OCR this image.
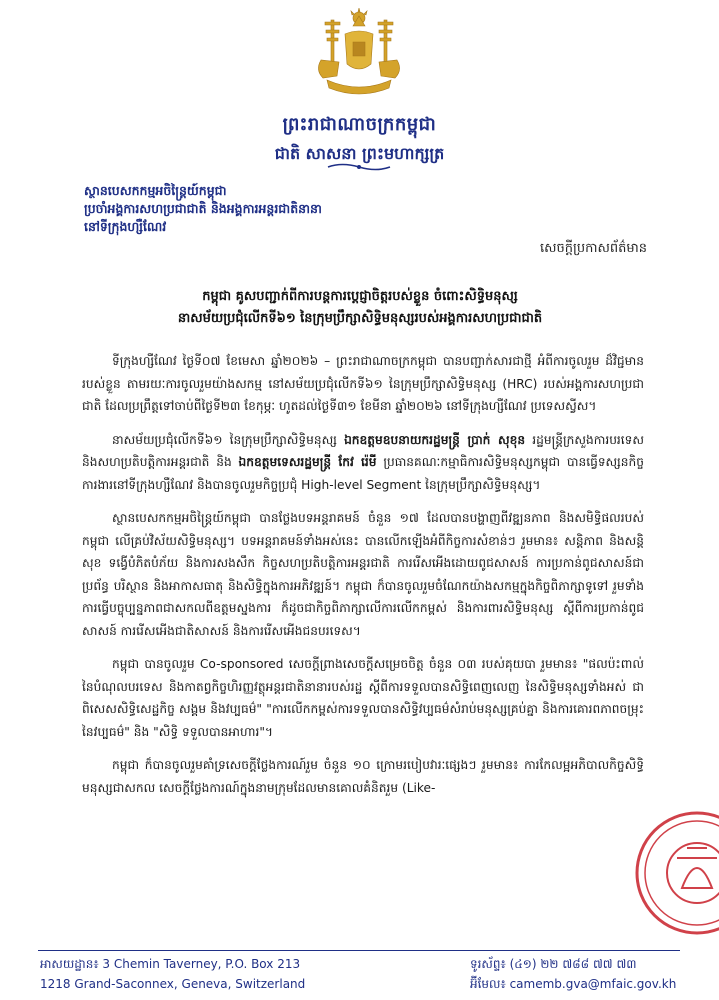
ព្រះរាជាណាចក្រកម្ពុជា
ជាតិ សាសនា ព្រះមហាក្សត្រ
ស្ថានបេសកកម្មអចិន្ត្រៃយ៍កម្ពុជា
ប្រចាំអង្គការសហប្រជាជាតិ និងអង្គការអន្តរជាតិនានា
នៅទីក្រុងហ្សឺណែវ
សេចក្ដីប្រកាសព័ត៌មាន
កម្ពុជា គូសបញ្ជាក់ពីការបន្តការប្ដេជ្ញាចិត្តរបស់ខ្លួន ចំពោះសិទ្ធិមនុស្ស
នាសម័យប្រជុំលើកទី៦១ នៃក្រុមប្រឹក្សាសិទ្ធិមនុស្សរបស់អង្គការសហប្រជាជាតិ

ទីក្រុងហ្សឺណែវ ថ្ងៃទី០៧ ខែមេសា ឆ្នាំ២០២៦ – ព្រះរាជាណាចក្រកម្ពុជា បានបញ្ជាក់សារជាថ្មី អំពីការចូលរួម ដ៏វិជ្ជមានរបស់ខ្លួន តាមរយៈការចូលរួមយ៉ាងសកម្ម នៅសម័យប្រជុំលើកទី៦១ នៃក្រុមប្រឹក្សាសិទ្ធិមនុស្ស (HRC) របស់អង្គការសហប្រជាជាតិ ដែលប្រព្រឹត្តទៅចាប់ពីថ្ងៃទី២៣ ខែកុម្ភៈ ហូតដល់ថ្ងៃទី៣១ ខែមីនា ឆ្នាំ២០២៦ នៅទីក្រុងហ្សឺណែវ ប្រទេសស្វីស។

នាសម័យប្រជុំលើកទី៦១ នៃក្រុមប្រឹក្សាសិទ្ធិមនុស្ស ឯកឧត្តមឧបនាយករដ្ឋមន្ត្រី ប្រាក់ សុខុន រដ្ឋមន្ត្រីក្រសួងការបរទេស និងសហប្រតិបត្តិការអន្តរជាតិ និង ឯកឧត្តមទេសរដ្ឋមន្ត្រី កែវ រ៉េមី ប្រធានគណៈកម្មាធិការសិទ្ធិមនុស្សកម្ពុជា បានធ្វើទស្សនកិច្ចការងារនៅទីក្រុងហ្សឺណែវ និងបានចូលរួមកិច្ចប្រជុំ High-level Segment នៃក្រុមប្រឹក្សាសិទ្ធិមនុស្ស។

ស្ថានបេសកកម្មអចិន្ត្រៃយ៍កម្ពុជា បានថ្លែងបទអន្តរាគមន៍ ចំនួន ១៧ ដែលបានបង្ហាញពីវឌ្ឍនភាព និងសមិទ្ធិផលរបស់កម្ពុជា លើគ្រប់វិស័យសិទ្ធិមនុស្ស។ បទអន្តរាគមន៍ទាំងអស់នេះ បានលើកឡើងអំពីកិច្ចការសំខាន់ៗ រួមមាន៖ សន្តិភាព និងសន្តិសុខ ទង្វើបំភិតបំភ័យ និងការសងសឹក កិច្ចសហប្រតិបត្តិការអន្តរជាតិ ការរើសអើងដោយពូជសាសន៍ ការប្រកាន់ពូជសាសន៍ជាប្រព័ន្ធ បរិស្ថាន និងអាកាសធាតុ និងសិទ្ធិក្នុងការអភិវឌ្ឍន៍។ កម្ពុជា ក៏បានចូលរួមចំណែកយ៉ាងសកម្មក្នុងកិច្ចពិភាក្សាទូទៅ រួមទាំងការធ្វើបច្ចុប្បន្នភាពជាសកលពីឧត្តមស្នងការ ក៏ដូចជាកិច្ចពិភាក្សាលើការលើកកម្ពស់ និងការពារសិទ្ធិមនុស្ស ស្ដីពីការប្រកាន់ពូជសាសន៍ ការរើសអើងជាតិសាសន៍ និងការរើសអើងជនបរទេស។

កម្ពុជា បានចូលរួម Co-sponsored សេចក្ដីព្រាងសេចក្ដីសម្រេចចិត្ត ចំនួន ០៣ របស់គុយបា រួមមាន៖ "ផលប៉ះពាល់នៃបំណុលបរទេស និងកាតព្វកិច្ចហិរញ្ញវត្ថុអន្តរជាតិនានារបស់រដ្ឋ ស្ដីពីការទទួលបានសិទ្ធិពេញលេញ នៃសិទ្ធិមនុស្សទាំងអស់ ជាពិសេសសិទ្ធិសេដ្ឋកិច្ច សង្គម និងវប្បធម៌" "ការលើកកម្ពស់ការទទួលបានសិទ្ធិវប្បធម៌សំរាប់មនុស្សគ្រប់គ្នា និងការគោរពភាពចម្រុះនៃវប្បធម៌" និង "សិទ្ធិ ទទួលបានអាហារ"។

កម្ពុជា ក៏បានចូលរួមគាំទ្រសេចក្ដីថ្លែងការណ៍រួម ចំនួន ១០ ក្រោមរបៀបវារៈផ្សេងៗ រួមមាន៖ ការកែលម្អអភិបាលកិច្ចសិទ្ធិមនុស្សជាសកល សេចក្ដីថ្លែងការណ៍ក្នុងនាមក្រុមដែលមានគោលគំនិតរួម (Like-

អាសយដ្ឋាន៖ 3 Chemin Taverney, P.O. Box 213
1218 Grand-Saconnex, Geneva, Switzerland
ទូរស័ព្ទ៖ (៤១) ២២ ៧៨៨ ៧៧ ៧៣
អ៊ីមែល៖ camemb.gva@mfaic.gov.kh
